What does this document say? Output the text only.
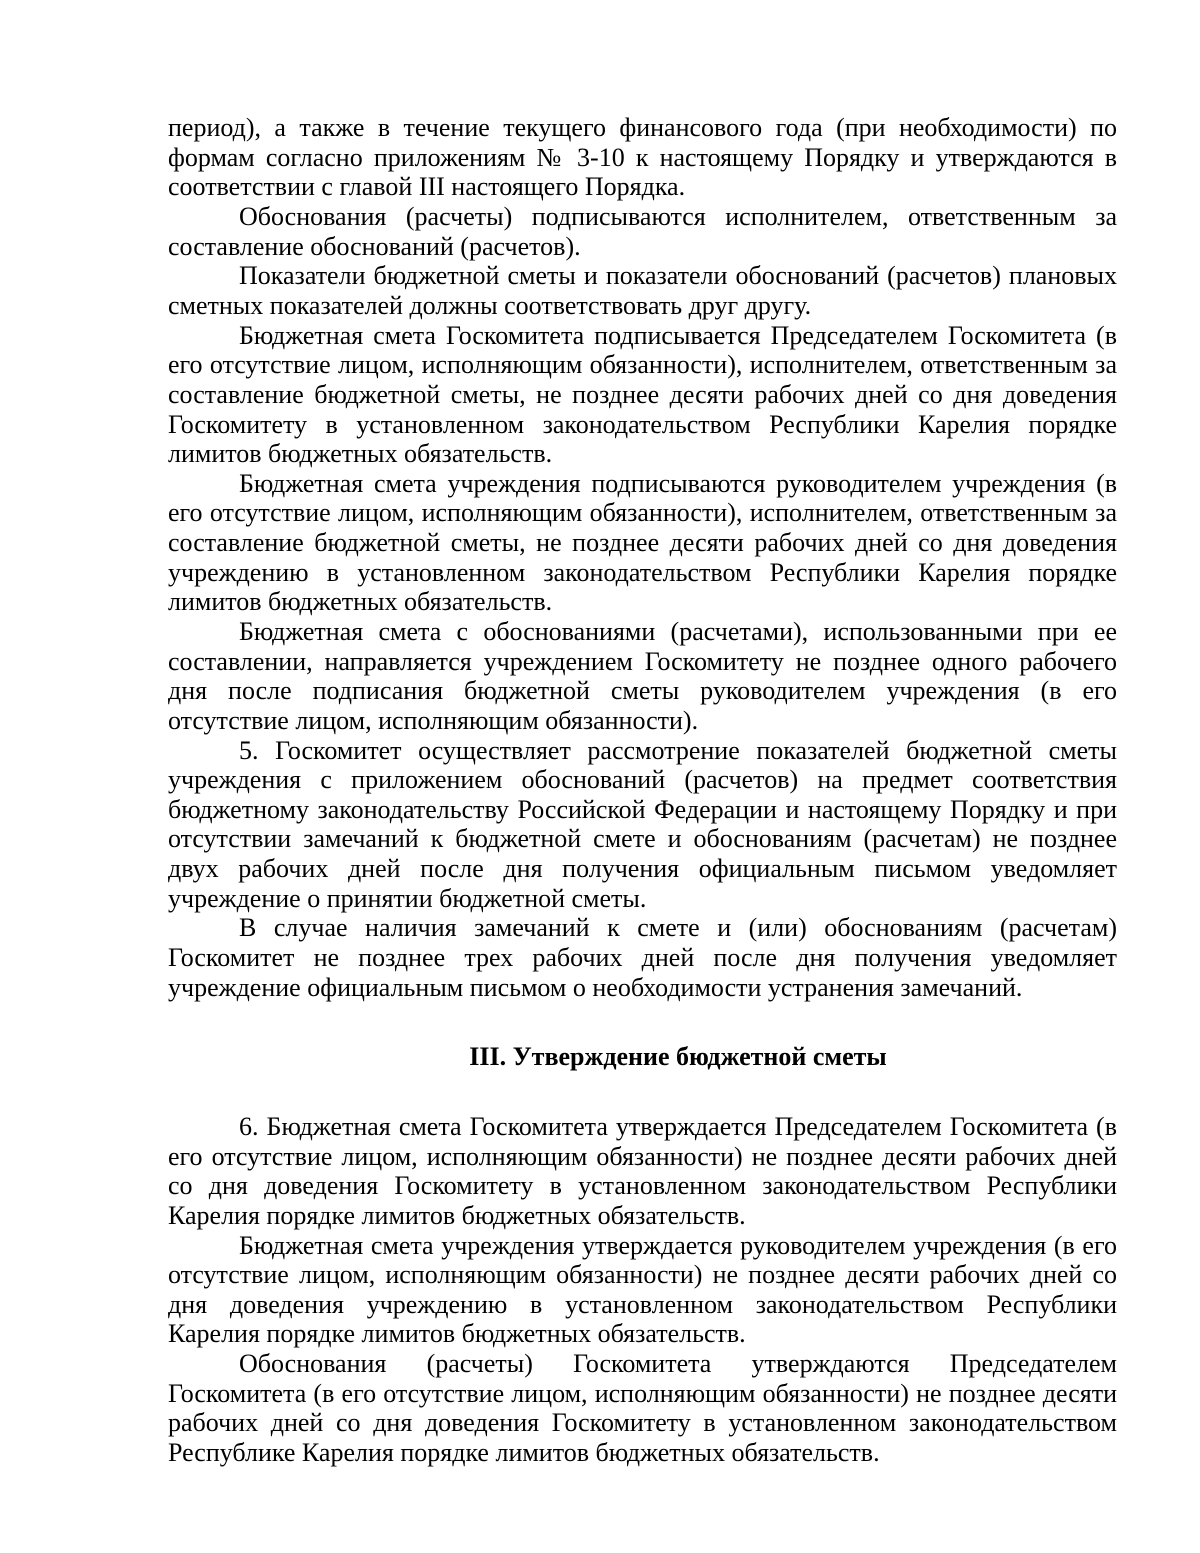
период), а также в течение текущего финансового года (при необходимости) по формам согласно приложениям № 3-10 к настоящему Порядку и утверждаются в соответствии с главой III настоящего Порядка.

Обоснования (расчеты) подписываются исполнителем, ответственным за составление обоснований (расчетов).

Показатели бюджетной сметы и показатели обоснований (расчетов) плановых сметных показателей должны соответствовать друг другу.

Бюджетная смета Госкомитета подписывается Председателем Госкомитета (в его отсутствие лицом, исполняющим обязанности), исполнителем, ответственным за составление бюджетной сметы, не позднее десяти рабочих дней со дня доведения Госкомитету в установленном законодательством Республики Карелия порядке лимитов бюджетных обязательств.

Бюджетная смета учреждения подписываются руководителем учреждения (в его отсутствие лицом, исполняющим обязанности), исполнителем, ответственным за составление бюджетной сметы, не позднее десяти рабочих дней со дня доведения учреждению в установленном законодательством Республики Карелия порядке лимитов бюджетных обязательств.

Бюджетная смета с обоснованиями (расчетами), использованными при ее составлении, направляется учреждением Госкомитету не позднее одного рабочего дня после подписания бюджетной сметы руководителем учреждения (в его отсутствие лицом, исполняющим обязанности).

5. Госкомитет осуществляет рассмотрение показателей бюджетной сметы учреждения с приложением обоснований (расчетов) на предмет соответствия бюджетному законодательству Российской Федерации и настоящему Порядку и при отсутствии замечаний к бюджетной смете и обоснованиям (расчетам) не позднее двух рабочих дней после дня получения официальным письмом уведомляет учреждение о принятии бюджетной сметы.

В случае наличия замечаний к смете и (или) обоснованиям (расчетам) Госкомитет не позднее трех рабочих дней после дня получения уведомляет учреждение официальным письмом о необходимости устранения замечаний.

III. Утверждение бюджетной сметы

6. Бюджетная смета Госкомитета утверждается Председателем Госкомитета (в его отсутствие лицом, исполняющим обязанности) не позднее десяти рабочих дней со дня доведения Госкомитету в установленном законодательством Республики Карелия порядке лимитов бюджетных обязательств.

Бюджетная смета учреждения утверждается руководителем учреждения (в его отсутствие лицом, исполняющим обязанности) не позднее десяти рабочих дней со дня доведения учреждению в установленном законодательством Республики Карелия порядке лимитов бюджетных обязательств.

Обоснования (расчеты) Госкомитета утверждаются Председателем Госкомитета (в его отсутствие лицом, исполняющим обязанности) не позднее десяти рабочих дней со дня доведения Госкомитету в установленном законодательством Республике Карелия порядке лимитов бюджетных обязательств.
